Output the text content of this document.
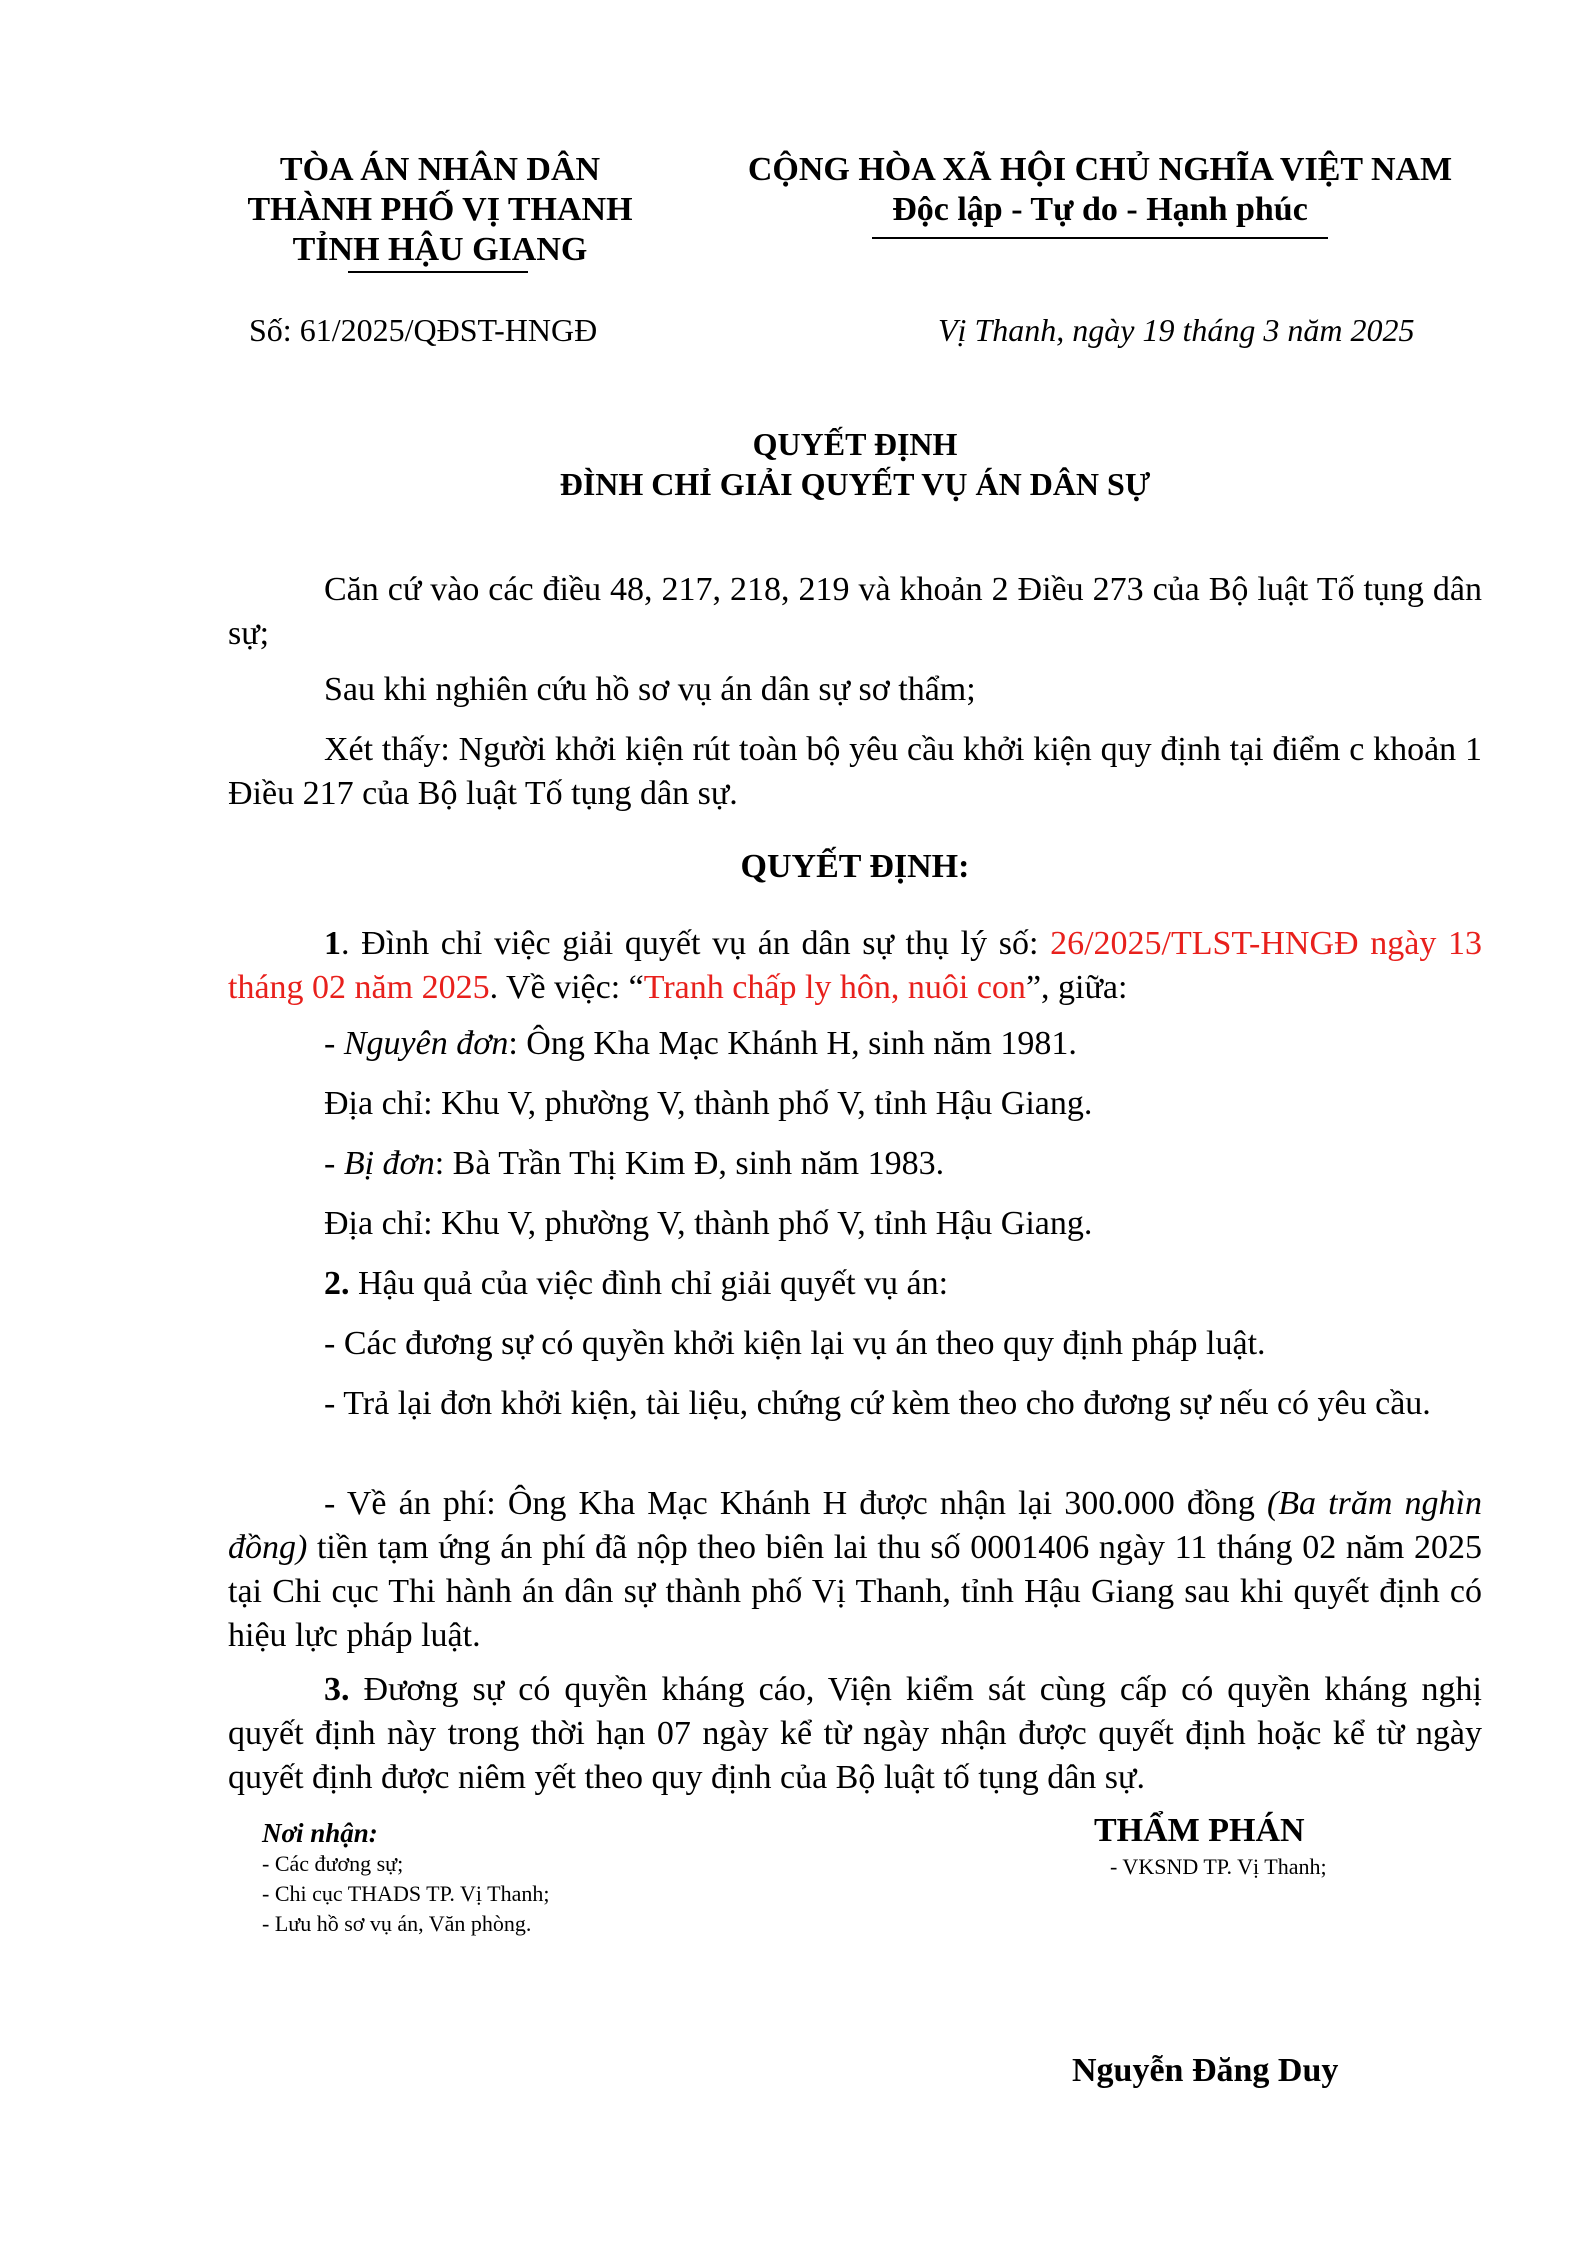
TÒA ÁN NHÂN DÂN
THÀNH PHỐ VỊ THANH
TỈNH HẬU GIANG
CỘNG HÒA XÃ HỘI CHỦ NGHĨA VIỆT NAM
Độc lập - Tự do - Hạnh phúc
Số: 61/2025/QĐST-HNGĐ	Vị Thanh, ngày 19 tháng 3 năm 2025
QUYẾT ĐỊNH
ĐÌNH CHỈ GIẢI QUYẾT VỤ ÁN DÂN SỰ
Căn cứ vào các điều 48, 217, 218, 219 và khoản 2 Điều 273 của Bộ luật Tố tụng dân sự;
Sau khi nghiên cứu hồ sơ vụ án dân sự sơ thẩm;
Xét thấy: Người khởi kiện rút toàn bộ yêu cầu khởi kiện quy định tại điểm c khoản 1 Điều 217 của Bộ luật Tố tụng dân sự.
QUYẾT ĐỊNH:
1. Đình chỉ việc giải quyết vụ án dân sự thụ lý số: 26/2025/TLST-HNGĐ ngày 13 tháng 02 năm 2025. Về việc: “Tranh chấp ly hôn, nuôi con”, giữa:
- Nguyên đơn: Ông Kha Mạc Khánh H, sinh năm 1981.
Địa chỉ: Khu V, phường V, thành phố V, tỉnh Hậu Giang.
- Bị đơn: Bà Trần Thị Kim Đ, sinh năm 1983.
Địa chỉ: Khu V, phường V, thành phố V, tỉnh Hậu Giang.
2. Hậu quả của việc đình chỉ giải quyết vụ án:
- Các đương sự có quyền khởi kiện lại vụ án theo quy định pháp luật.
- Trả lại đơn khởi kiện, tài liệu, chứng cứ kèm theo cho đương sự nếu có yêu cầu.
- Về án phí: Ông Kha Mạc Khánh H được nhận lại 300.000 đồng (Ba trăm nghìn đồng) tiền tạm ứng án phí đã nộp theo biên lai thu số 0001406 ngày 11 tháng 02 năm 2025 tại Chi cục Thi hành án dân sự thành phố Vị Thanh, tỉnh Hậu Giang sau khi quyết định có hiệu lực pháp luật.
3. Đương sự có quyền kháng cáo, Viện kiểm sát cùng cấp có quyền kháng nghị quyết định này trong thời hạn 07 ngày kể từ ngày nhận được quyết định hoặc kể từ ngày quyết định được niêm yết theo quy định của Bộ luật tố tụng dân sự.
Nơi nhận:
- Các đương sự;
- Chi cục THADS TP. Vị Thanh;
- Lưu hồ sơ vụ án, Văn phòng.
THẨM PHÁN
- VKSND TP. Vị Thanh;
Nguyễn Đăng Duy
